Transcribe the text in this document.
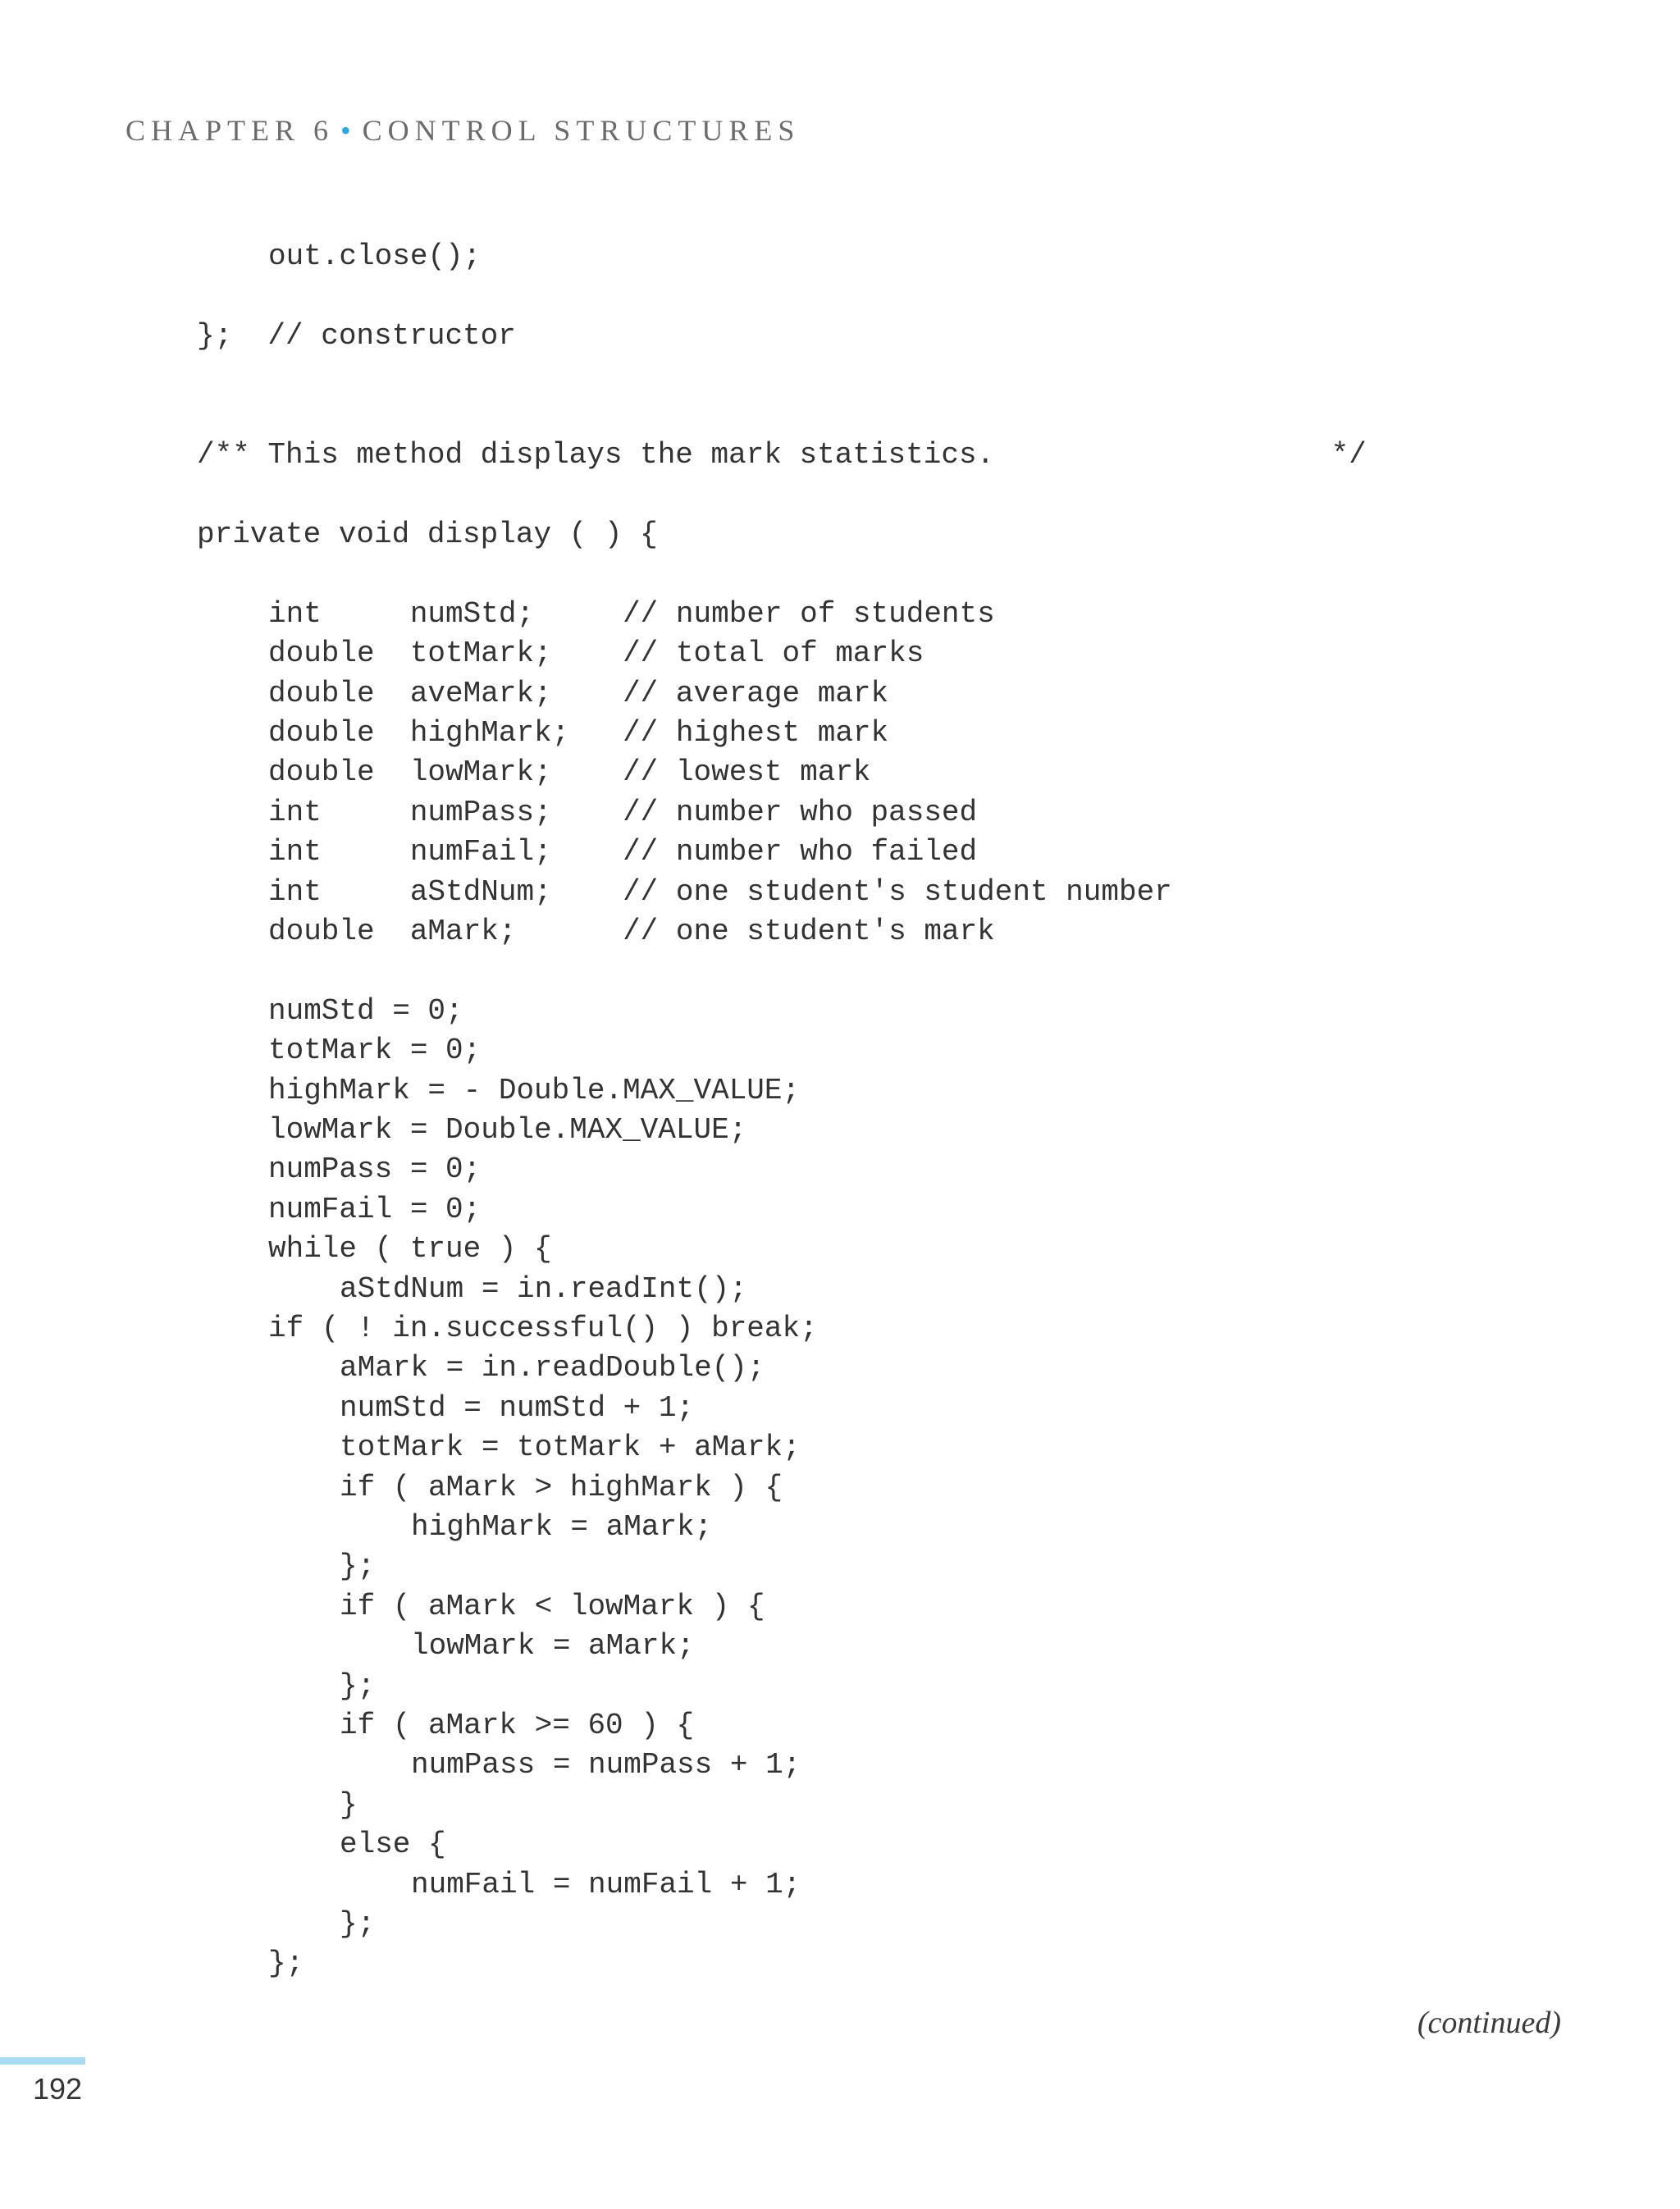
CHAPTER 6 • CONTROL STRUCTURES
out.close();
};  // constructor
/** This method displays the mark statistics.                   */
private void display ( ) {
int     numStd;     // number of students
double  totMark;    // total of marks
double  aveMark;    // average mark
double  highMark;   // highest mark
double  lowMark;    // lowest mark
int     numPass;    // number who passed
int     numFail;    // number who failed
int     aStdNum;    // one student's student number
double  aMark;      // one student's mark
numStd = 0;
totMark = 0;
highMark = - Double.MAX_VALUE;
lowMark = Double.MAX_VALUE;
numPass = 0;
numFail = 0;
while ( true ) {
aStdNum = in.readInt();
if ( ! in.successful() ) break;
aMark = in.readDouble();
numStd = numStd + 1;
totMark = totMark + aMark;
if ( aMark > highMark ) {
highMark = aMark;
};
if ( aMark < lowMark ) {
lowMark = aMark;
};
if ( aMark >= 60 ) {
numPass = numPass + 1;
}
else {
numFail = numFail + 1;
};
};
(continued)
192
